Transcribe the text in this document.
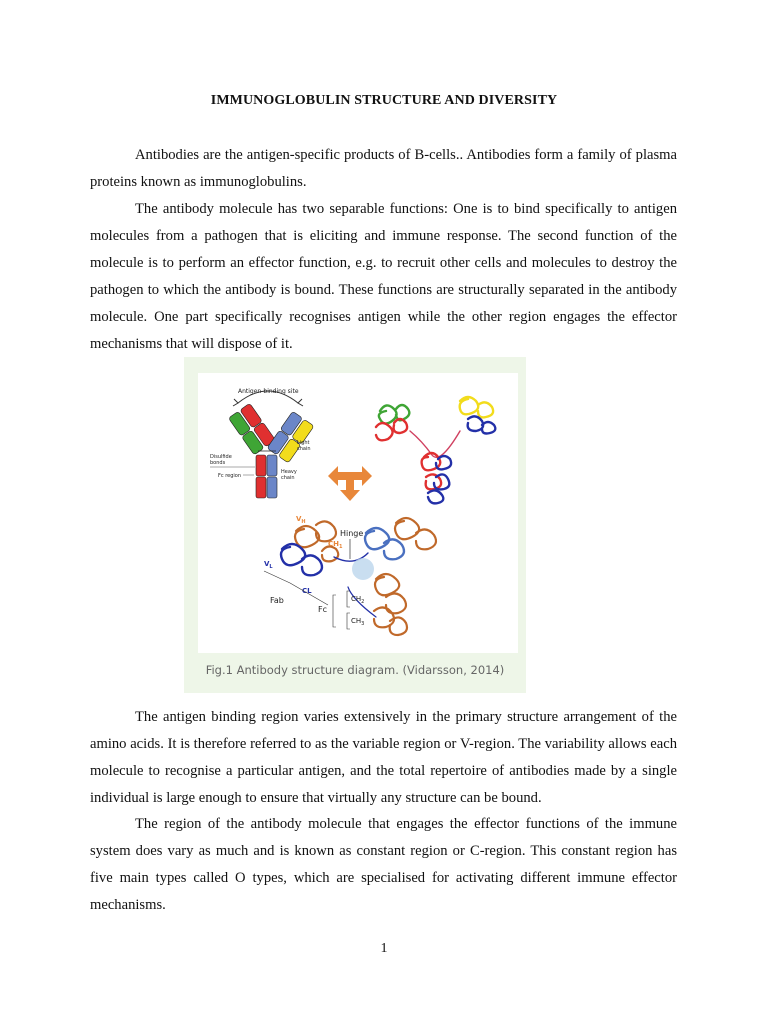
IMMUNOGLOBULIN STRUCTURE AND DIVERSITY

Antibodies are the antigen-specific products of B-cells.. Antibodies form a family of plasma proteins known as immunoglobulins.

The antibody molecule has two separable functions: One is to bind specifically to antigen molecules from a pathogen that is eliciting and immune response. The second function of the molecule is to perform an effector function, e.g. to recruit other cells and molecules to destroy the pathogen to which the antibody is bound. These functions are structurally separated in the antibody molecule. One part specifically recognises antigen while the other region engages the effector mechanisms that will dispose of it.

Antigen-binding site
Light
chain
Disulfide
bonds
Fc region
Heavy
chain
$V_H$
$CH_1$
Hinge
$V_L$
CL
Fab
Fc
$CH_2$
$CH_3$
Fig.1 Antibody structure diagram. (Vidarsson, 2014)

The antigen binding region varies extensively in the primary structure arrangement of the amino acids. It is therefore referred to as the variable region or V-region. The variability allows each molecule to recognise a particular antigen, and the total repertoire of antibodies made by a single individual is large enough to ensure that virtually any structure can be bound.

The region of the antibody molecule that engages the effector functions of the immune system does vary as much and is known as constant region or C-region. This constant region has five main types called O types, which are specialised for activating different immune effector mechanisms.

1
